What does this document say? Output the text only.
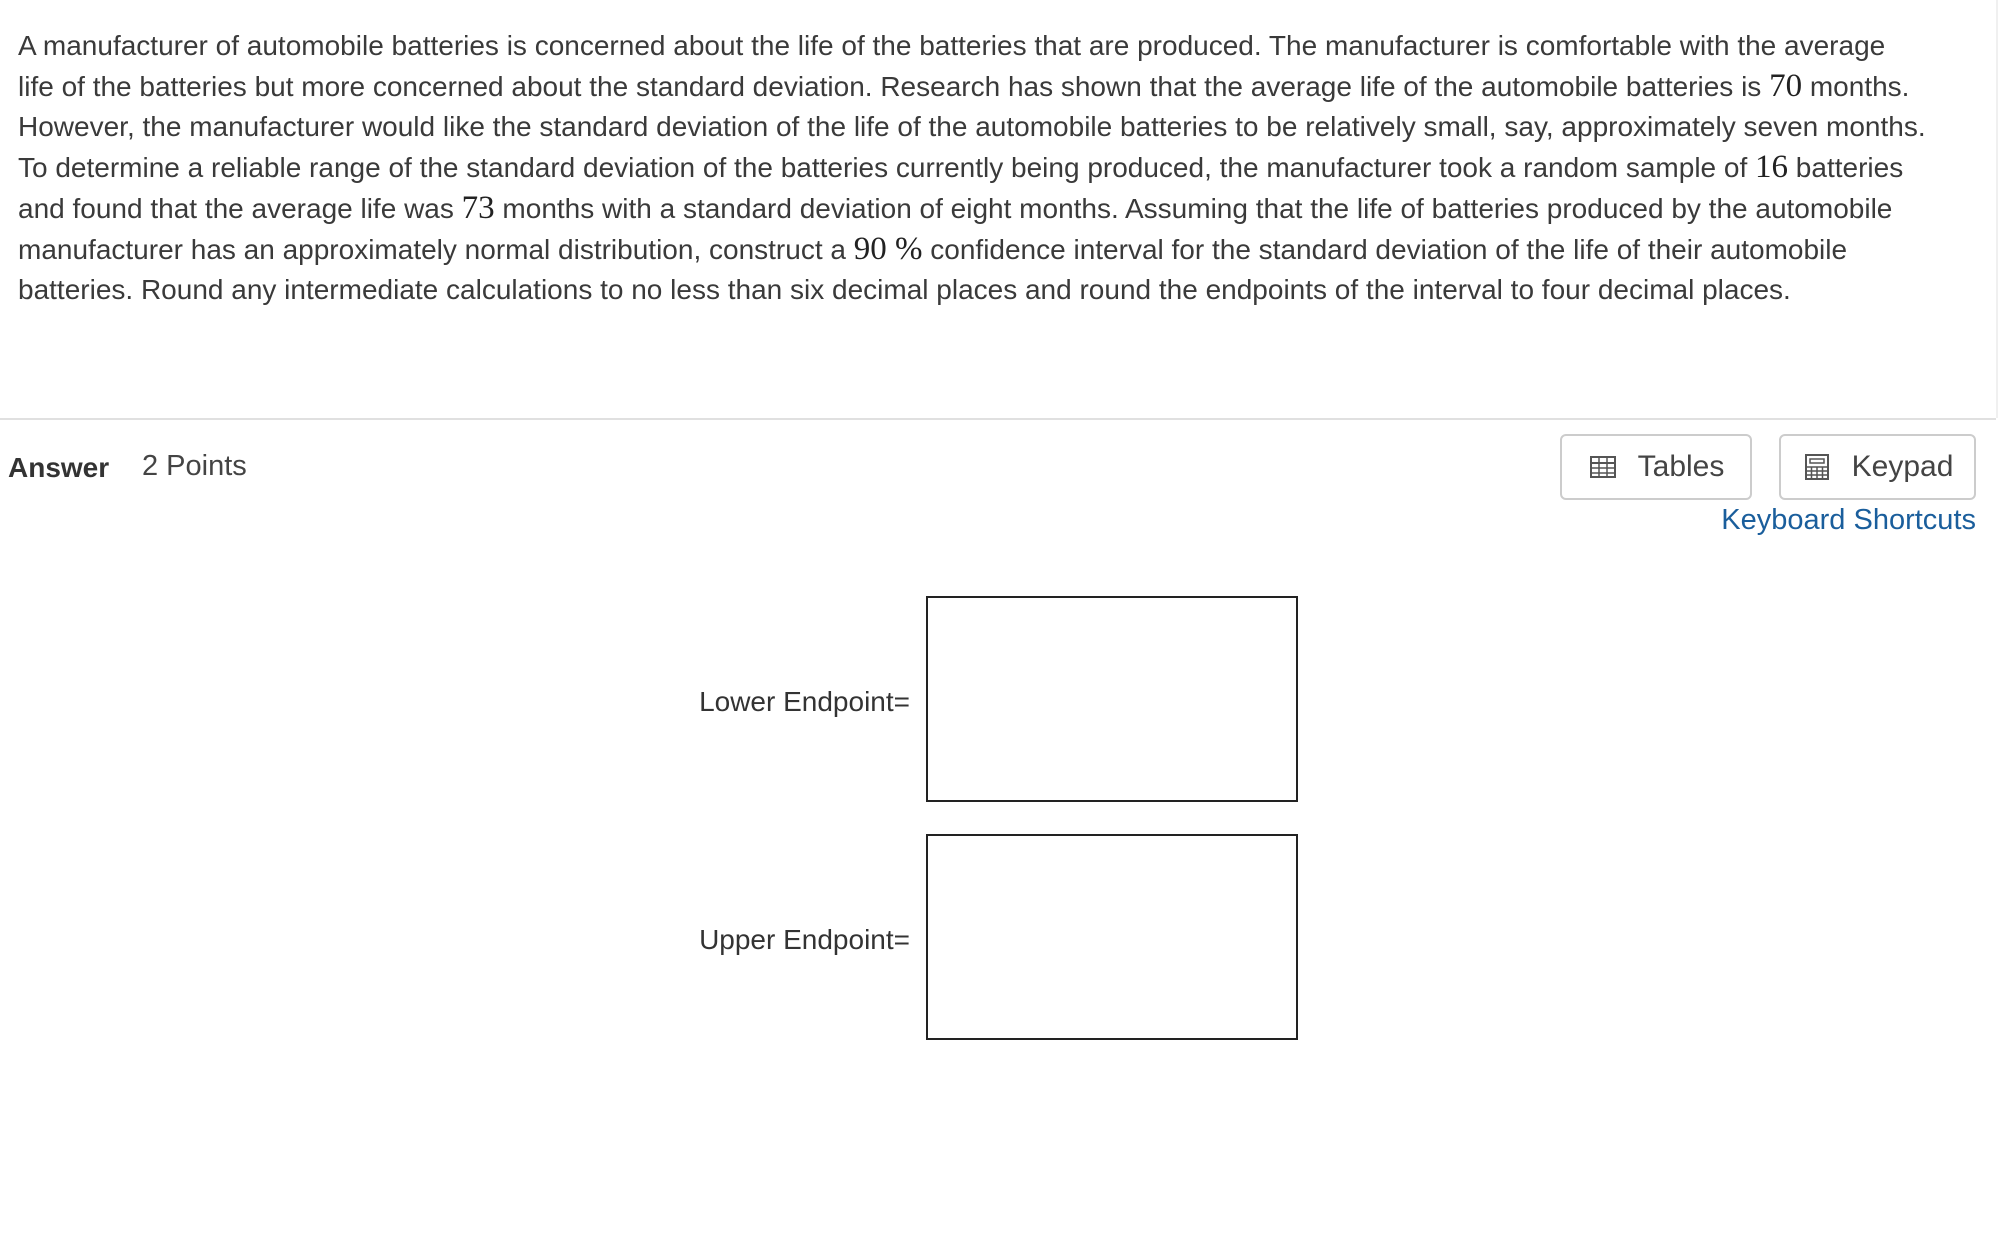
A manufacturer of automobile batteries is concerned about the life of the batteries that are produced. The manufacturer is comfortable with the average life of the batteries but more concerned about the standard deviation. Research has shown that the average life of the automobile batteries is 70 months. However, the manufacturer would like the standard deviation of the life of the automobile batteries to be relatively small, say, approximately seven months. To determine a reliable range of the standard deviation of the batteries currently being produced, the manufacturer took a random sample of 16 batteries and found that the average life was 73 months with a standard deviation of eight months. Assuming that the life of batteries produced by the automobile manufacturer has an approximately normal distribution, construct a 90 % confidence interval for the standard deviation of the life of their automobile batteries. Round any intermediate calculations to no less than six decimal places and round the endpoints of the interval to four decimal places.

Answer 2 Points	Tables	Keypad
Keyboard Shortcuts
Lower Endpoint=
Upper Endpoint=
